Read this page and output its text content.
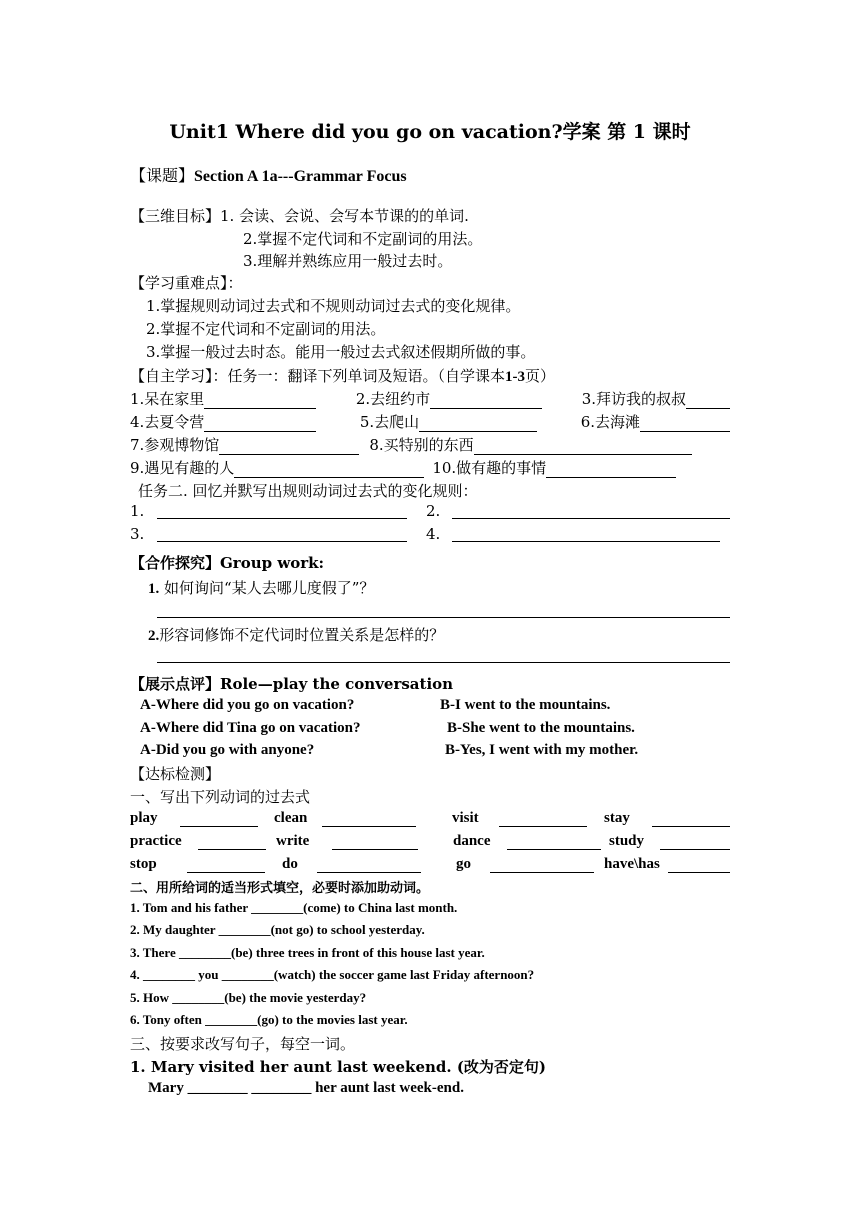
Unit1 Where did you go on vacation?学案 第 1 课时
【课题】Section A 1a---Grammar Focus
【三维目标】1. 会读、会说、会写本节课的的单词.
2.掌握不定代词和不定副词的用法。
3.理解并熟练应用一般过去时。
【学习重难点】：
1.掌握规则动词过去式和不规则动词过去式的变化规律。
2.掌握不定代词和不定副词的用法。
3.掌握一般过去时态。能用一般过去式叙述假期所做的事。
【自主学习】：任务一：翻译下列单词及短语。（自学课本1-3页）
1.呆在家里	2.去纽约市	3.拜访我的叔叔
4.去夏令营	5.去爬山	6.去海滩
7.参观博物馆	8.买特别的东西
9.遇见有趣的人	10.做有趣的事情
任务二. 回忆并默写出规则动词过去式的变化规则：
1.	2.
3.	4.
【合作探究】Group work:
1. 如何询问“某人去哪儿度假了”？
2.形容词修饰不定代词时位置关系是怎样的？
【展示点评】Role—play the conversation
A-Where did you go on vacation?	B-I went to the mountains.
A-Where did Tina go on vacation?	B-She went to the mountains.
A-Did you go with anyone?	B-Yes, I went with my mother.
【达标检测】
一、写出下列动词的过去式
play	clean	visit	stay
practice	write	dance	study
stop	do	go	have\has
二、用所给词的适当形式填空，必要时添加助动词。
1. Tom and his father ________(come) to China last month.
2. My daughter ________(not go) to school yesterday.
3. There ________(be) three trees in front of this house last year.
4. ________ you ________(watch) the soccer game last Friday afternoon?
5. How ________(be) the movie yesterday?
6. Tony often ________(go) to the movies last year.
三、按要求改写句子，每空一词。
1. Mary visited her aunt last weekend. (改为否定句)
Mary ________ ________ her aunt last week-end.
